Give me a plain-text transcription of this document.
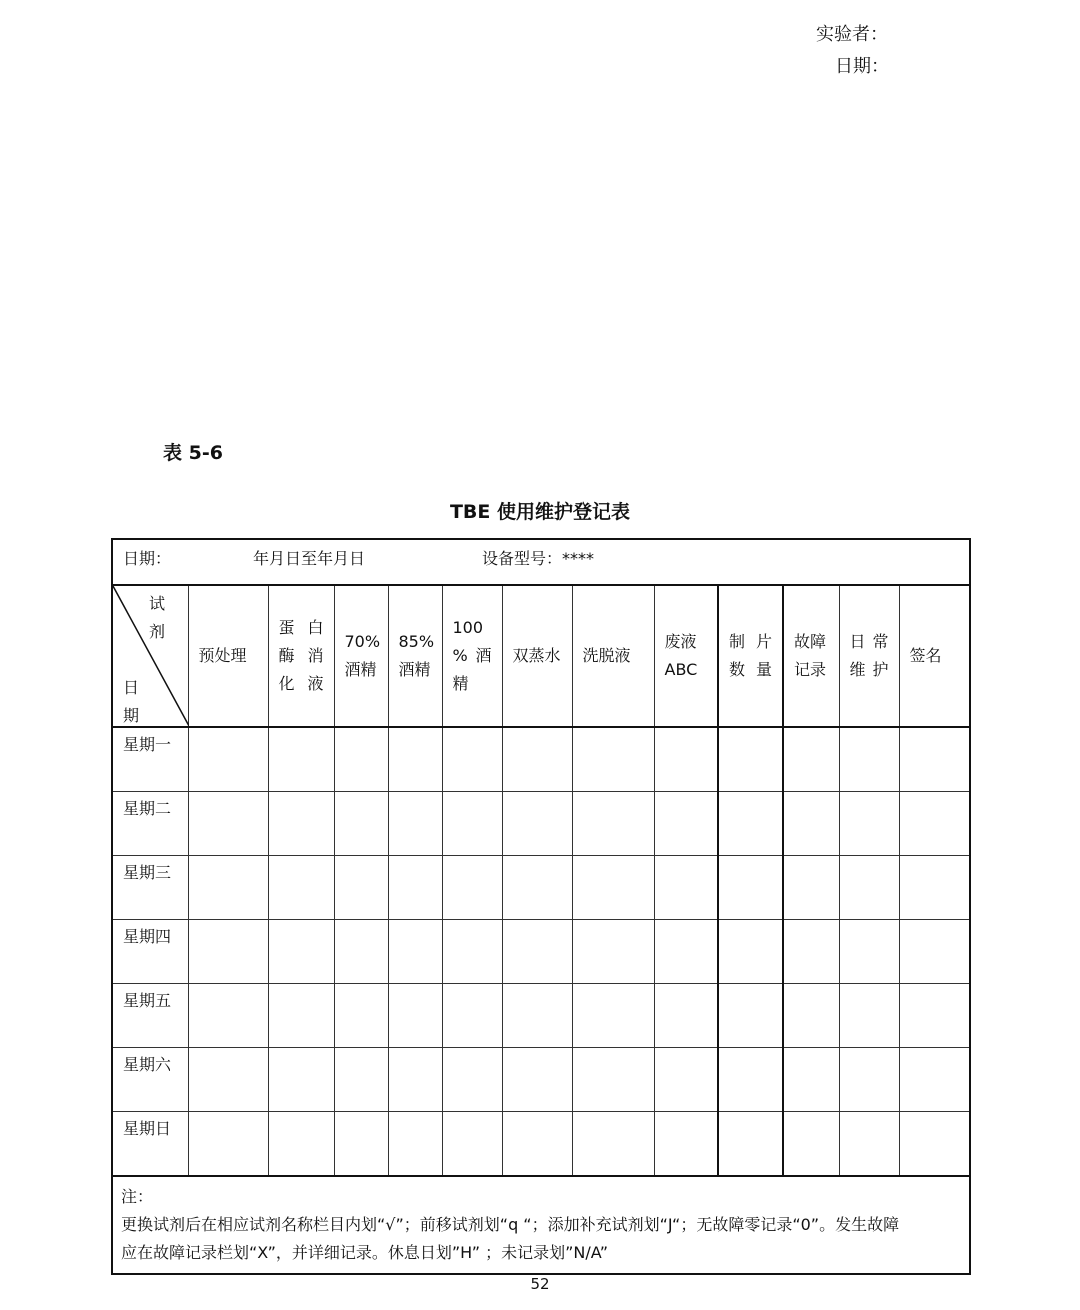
实验者：
日期：
表 5-6
TBE 使用维护登记表
日期： 年月日至年月日 设备型号：****												

试
剂
日
期	预处理	蛋 白 酶 消 化液	70% 酒精	85% 酒精	100 % 酒 精	双蒸水	洗脱液	废液 ABC	制 片 数量	故障 记录	日 常 维护	签名
星期一												
星期二												
星期三												
星期四												
星期五												
星期六												
星期日												

注：
更换试剂后在相应试剂名称栏目内划“√”；前移试剂划“q “；添加补充试剂划“J“；无故障零记录“0”。发生故障
应在故障记录栏划“X”，并详细记录。休息日划”H” ；未记录划”N/A”												
52
